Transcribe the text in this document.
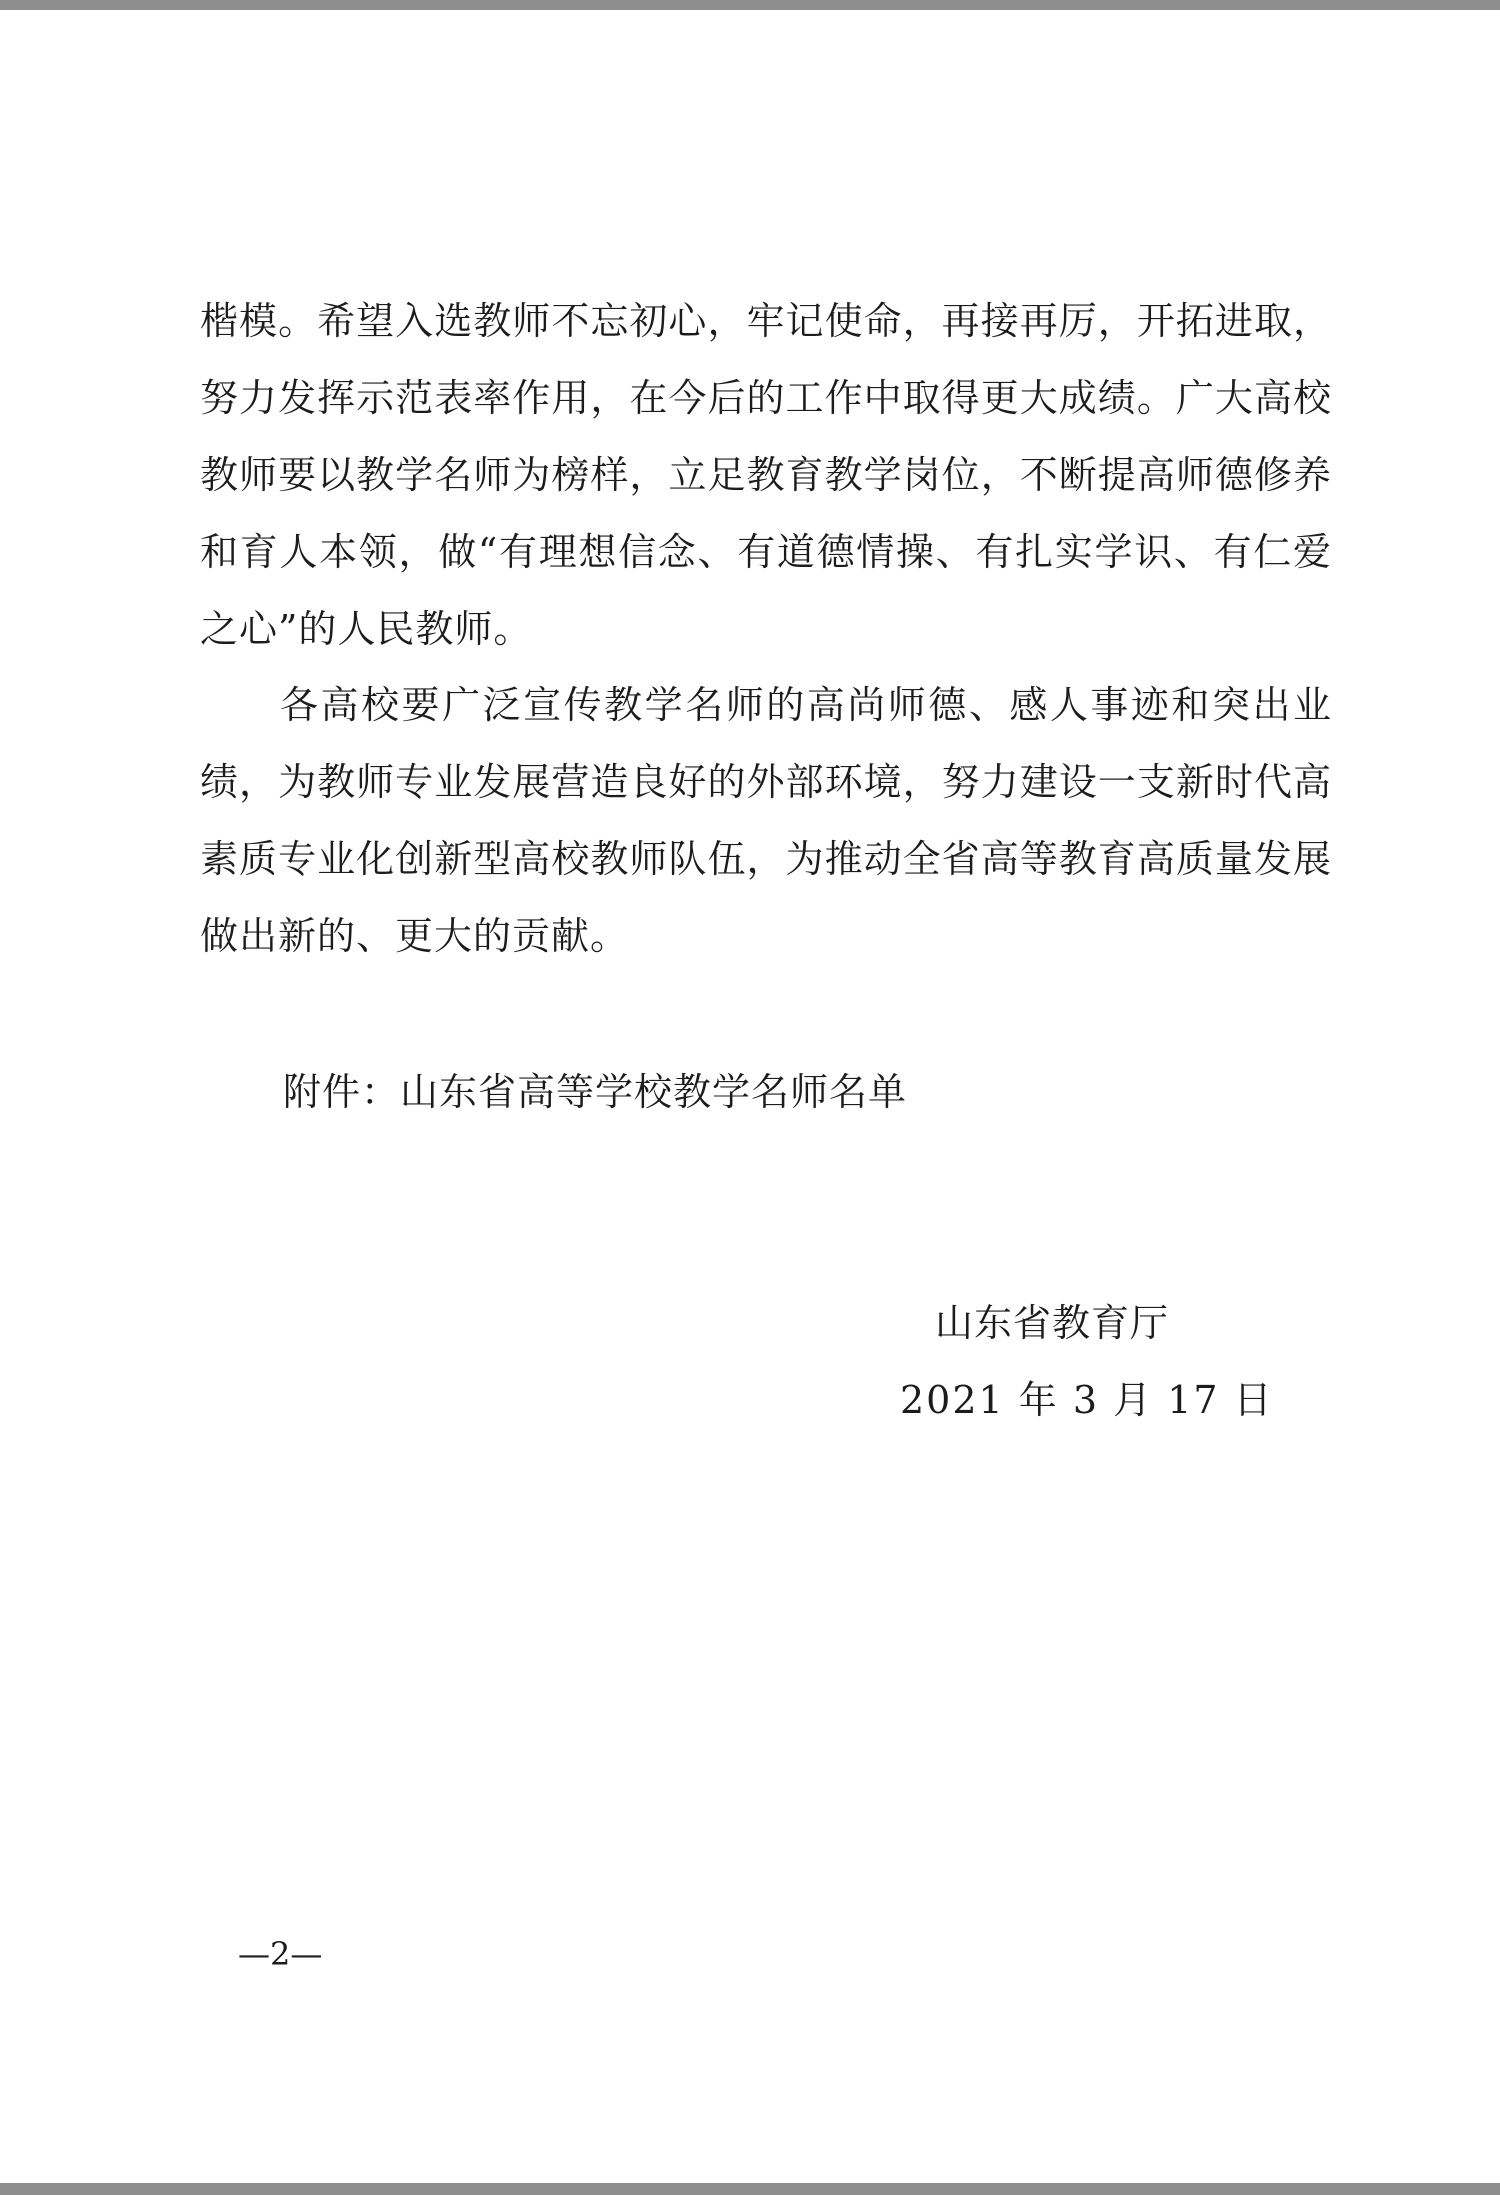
楷模。希望入选教师不忘初心，牢记使命，再接再厉，开拓进取，努力发挥示范表率作用，在今后的工作中取得更大成绩。广大高校教师要以教学名师为榜样，立足教育教学岗位，不断提高师德修养和育人本领，做“有理想信念、有道德情操、有扎实学识、有仁爱之心”的人民教师。

各高校要广泛宣传教学名师的高尚师德、感人事迹和突出业绩，为教师专业发展营造良好的外部环境，努力建设一支新时代高素质专业化创新型高校教师队伍，为推动全省高等教育高质量发展做出新的、更大的贡献。

附件：山东省高等学校教学名师名单
山东省教育厅
2021 年 3 月 17 日
—2—
